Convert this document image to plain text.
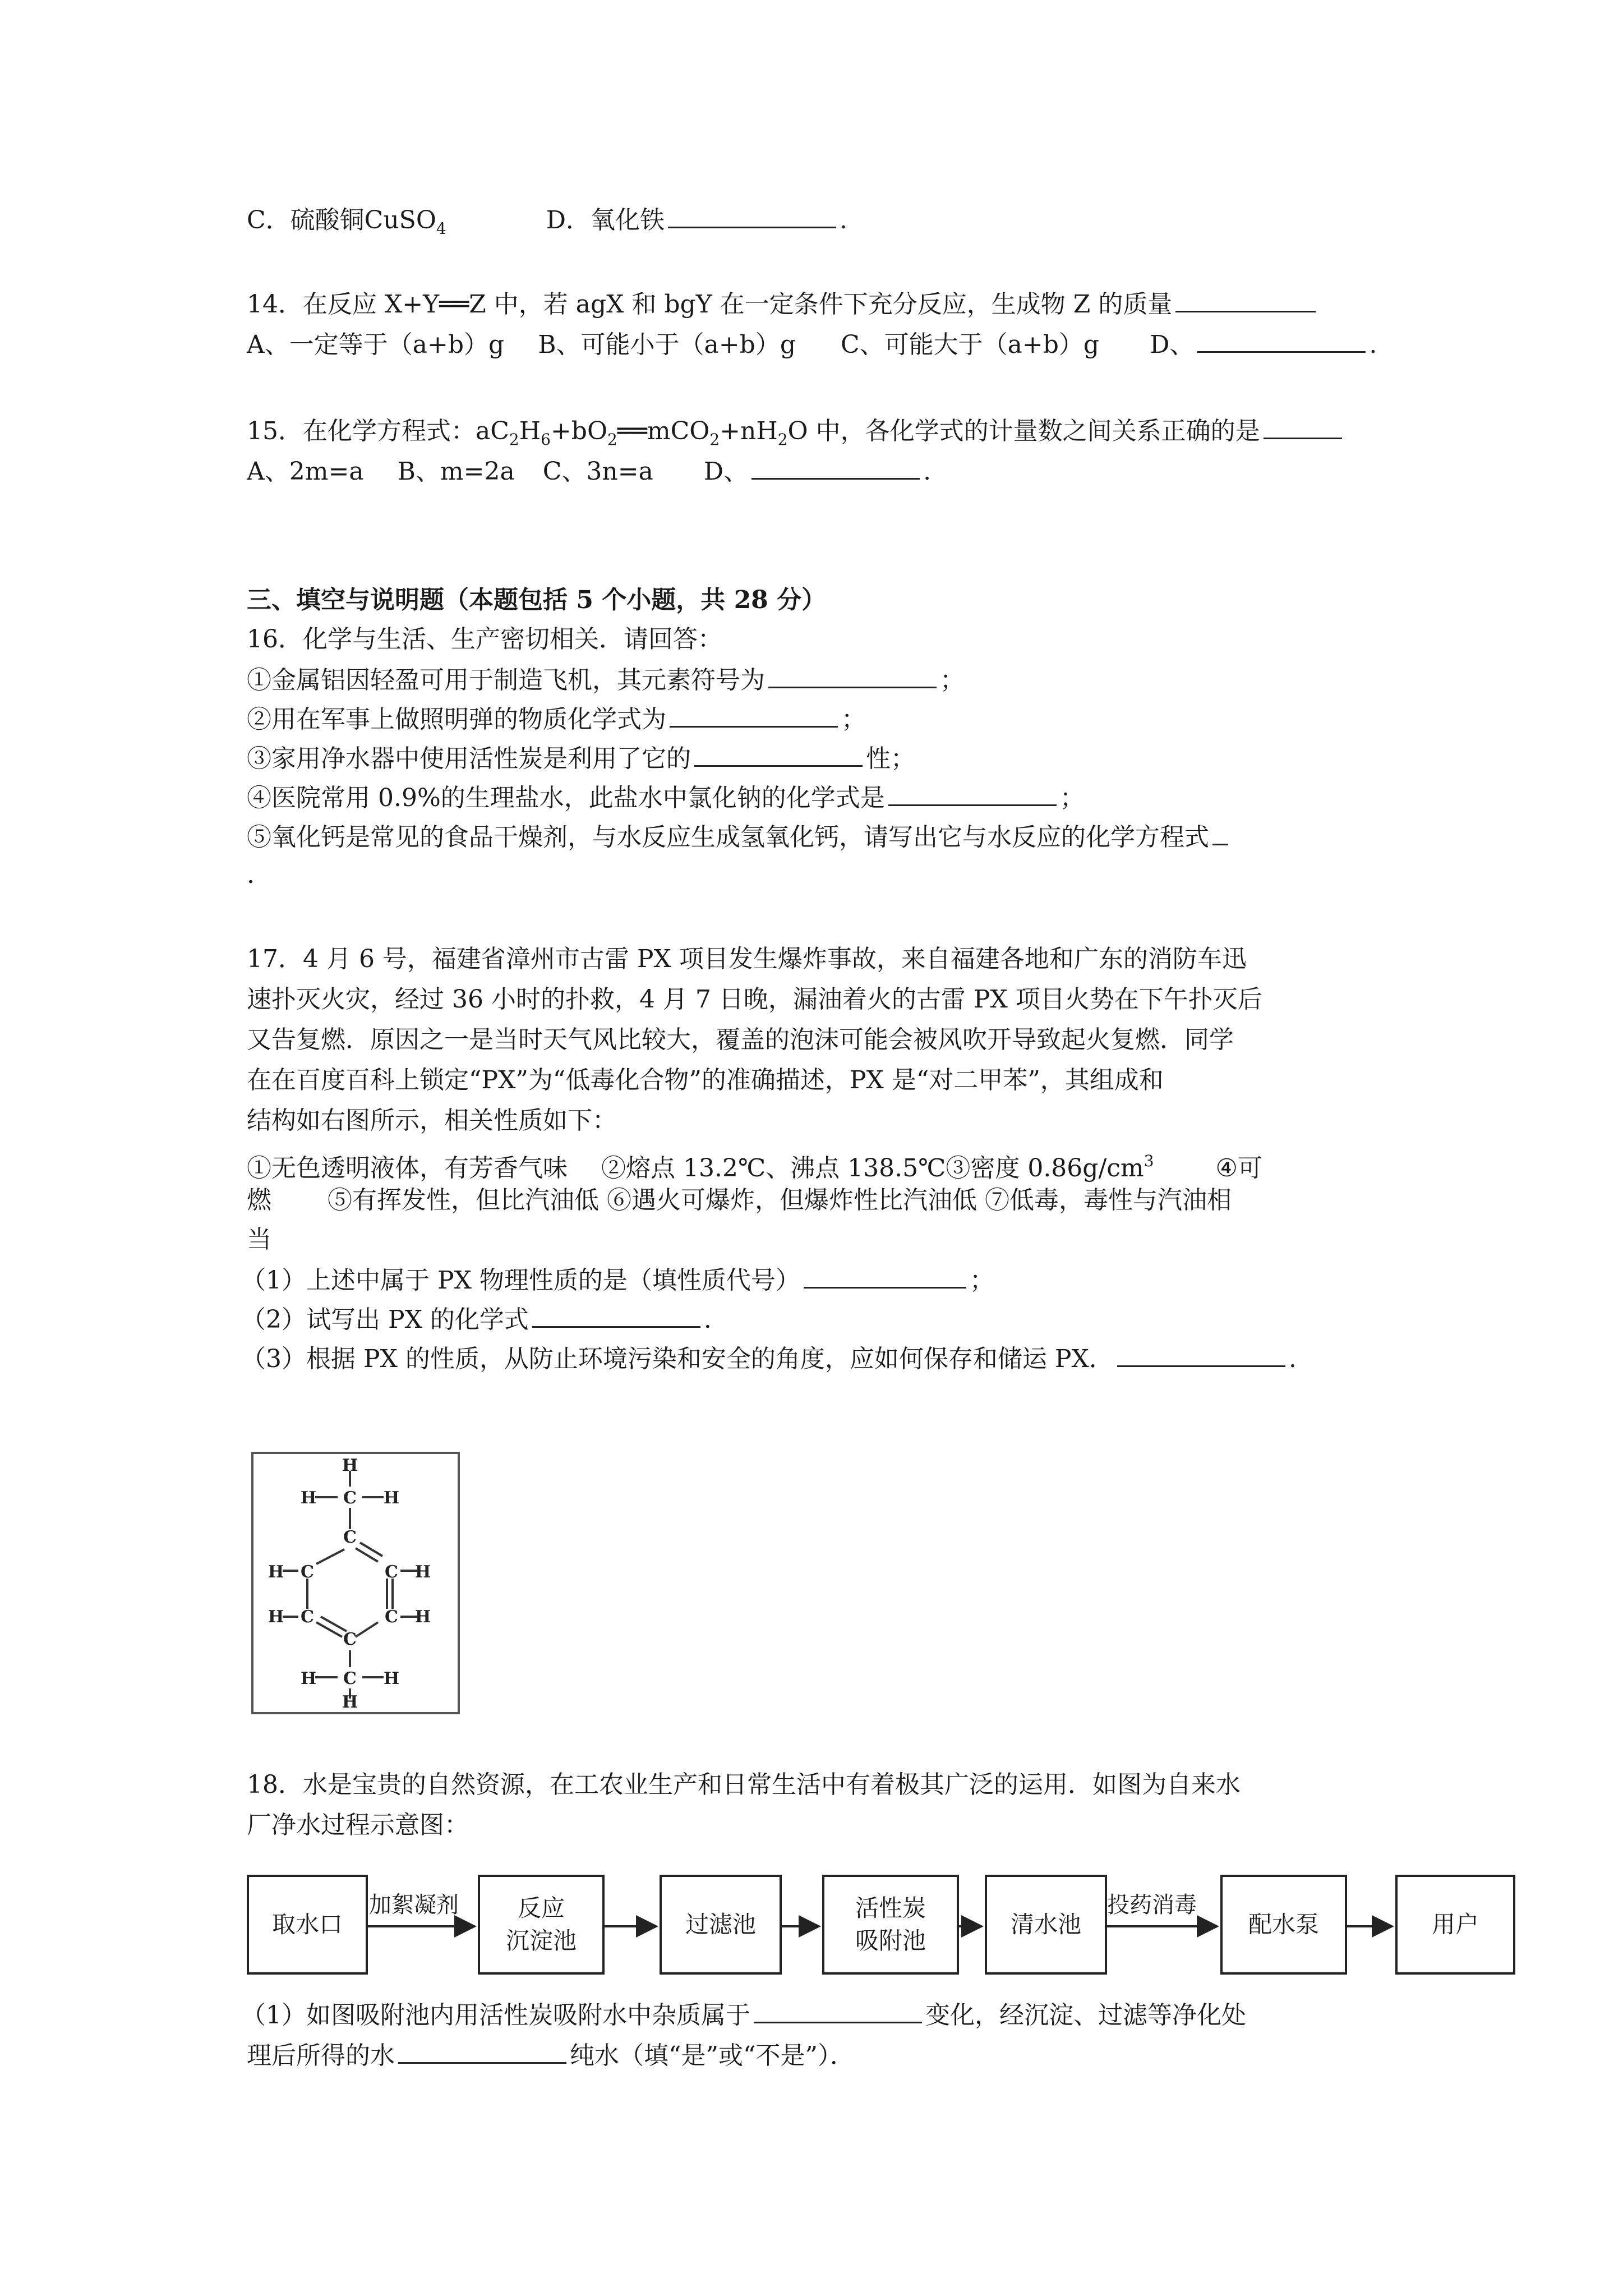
C．硫酸铜CuSO$_4$	D．氧化铁	.
14．在反应 X+Y══Z 中，若 agX 和 bgY 在一定条件下充分反应，生成物 Z 的质量
A、一定等于（a+b）g B、可能小于（a+b）g C、可能大于（a+b）g D、	.
15．在化学方程式：$aC_2H_6+bO_2══mCO_2+nH_2O$ 中，各化学式的计量数之间关系正确的是
A、2m=a B、m=2a C、3n=a D、	.
三、填空与说明题（本题包括 5 个小题，共 28 分）
16．化学与生活、生产密切相关．请回答：
①金属铝因轻盈可用于制造飞机，其元素符号为	；
②用在军事上做照明弹的物质化学式为	；
③家用净水器中使用活性炭是利用了它的	性；
④医院常用 0.9%的生理盐水，此盐水中氯化钠的化学式是	；
⑤氧化钙是常见的食品干燥剂，与水反应生成氢氧化钙，请写出它与水反应的化学方程式
.
17．4 月 6 号，福建省漳州市古雷 PX 项目发生爆炸事故，来自福建各地和广东的消防车迅
速扑灭火灾，经过 36 小时的扑救，4 月 7 日晚，漏油着火的古雷 PX 项目火势在下午扑灭后
又告复燃．原因之一是当时天气风比较大，覆盖的泡沫可能会被风吹开导致起火复燃．同学
在在百度百科上锁定“PX”为“低毒化合物”的准确描述，PX 是“对二甲苯”，其组成和
结构如右图所示，相关性质如下：
①无色透明液体，有芳香气味 ②熔点 13.2℃、沸点 138.5℃③密度 $0.86g/cm^3$	④可
燃 ⑤有挥发性，但比汽油低 ⑥遇火可爆炸，但爆炸性比汽油低 ⑦低毒，毒性与汽油相
当
（1）上述中属于 PX 物理性质的是（填性质代号）	；
（2）试写出 PX 的化学式	.
（3）根据 PX 的性质，从防止环境污染和安全的角度，应如何保存和储运 PX．	.
H
H C H
C
H C	C H
H C	C H
C
H C H
H
18．水是宝贵的自然资源，在工农业生产和日常生活中有着极其广泛的运用．如图为自来水
厂净水过程示意图：
取水口
反应
沉淀池
过滤池
活性炭
吸附池
清水池	配水泵	用户
加絮凝剂	投药消毒
（1）如图吸附池内用活性炭吸附水中杂质属于	变化，经沉淀、过滤等净化处
理后所得的水	纯水（填“是”或“不是”）．
